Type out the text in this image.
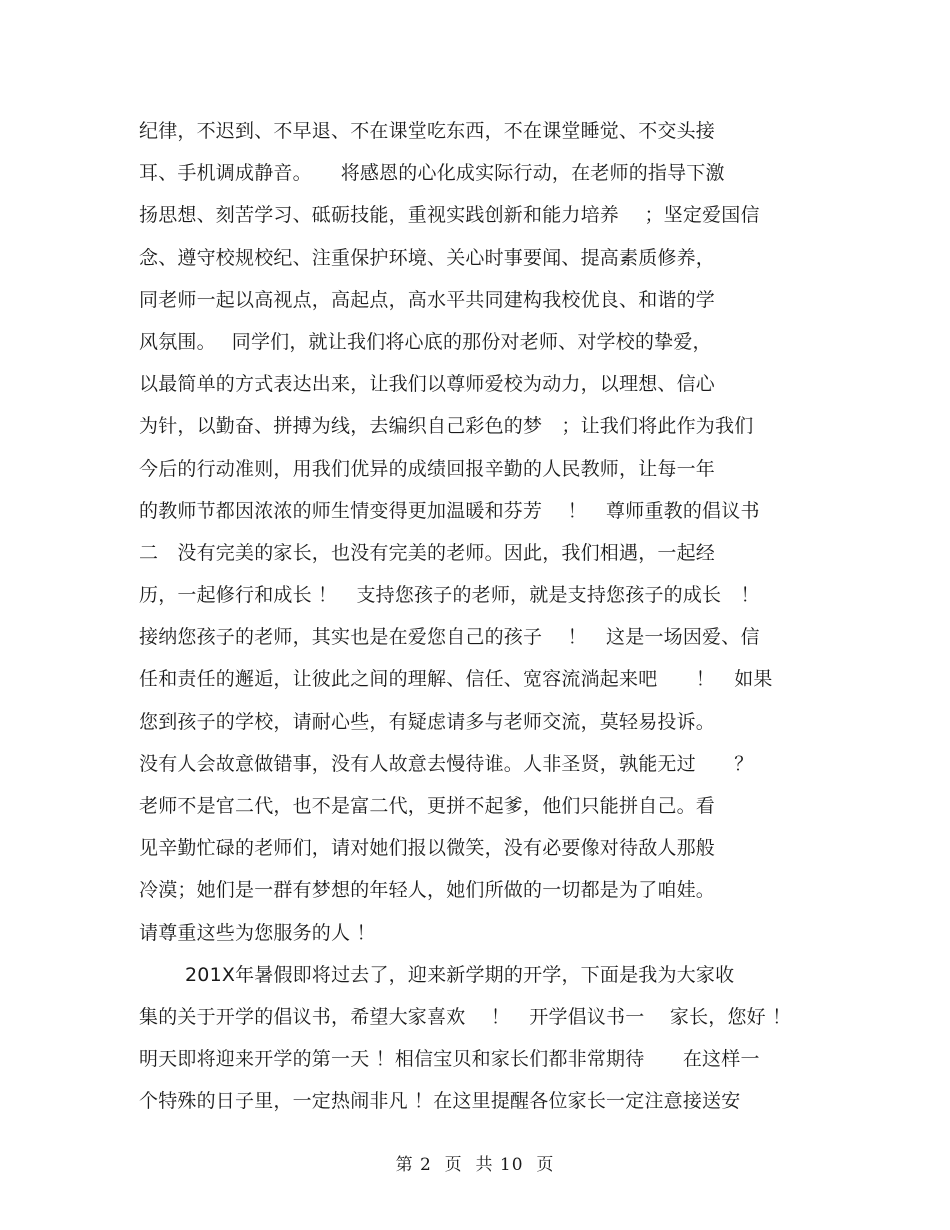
纪律，不迟到、不早退、不在课堂吃东西，不在课堂睡觉、不交头接
耳、手机调成静音。　　将感恩的心化成实际行动，在老师的指导下激
扬思想、刻苦学习、砥砺技能，重视实践创新和能力培养　 ；坚定爱国信
念、遵守校规校纪、注重保护环境、关心时事要闻、提高素质修养，
同老师一起以高视点，高起点，高水平共同建构我校优良、和谐的学
风氛围。　 同学们，就让我们将心底的那份对老师、对学校的挚爱，
以最简单的方式表达出来，让我们以尊师爱校为动力，以理想、信心
为针，以勤奋、拼搏为线，去编织自己彩色的梦　；让我们将此作为我们
今后的行动准则，用我们优异的成绩回报辛勤的人民教师，让每一年
的教师节都因浓浓的师生情变得更加温暖和芬芳　 ！　尊师重教的倡议书
二　没有完美的家长，也没有完美的老师。因此，我们相遇，一起经
历，一起修行和成长 ！　支持您孩子的老师，就是支持您孩子的成长　！
接纳您孩子的老师，其实也是在爱您自己的孩子　 ！　这是一场因爱、信
任和责任的邂逅，让彼此之间的理解、信任、宽容流淌起来吧　　！　如果
您到孩子的学校，请耐心些，有疑虑请多与老师交流，莫轻易投诉。
没有人会故意做错事，没有人故意去慢待谁。人非圣贤，孰能无过　　？
老师不是官二代，也不是富二代，更拼不起爹，他们只能拼自己。看
见辛勤忙碌的老师们，请对她们报以微笑，没有必要像对待敌人那般
冷漠；她们是一群有梦想的年轻人，她们所做的一切都是为了咱娃。
请尊重这些为您服务的人 ！
201X年暑假即将过去了，迎来新学期的开学，下面是我为大家收
集的关于开学的倡议书，希望大家喜欢　 ！　开学倡议书一　 家长，您好 ！
明天即将迎来开学的第一天 ！相信宝贝和家长们都非常期待　　在这样一
个特殊的日子里，一定热闹非凡 ！在这里提醒各位家长一定注意接送安
第 2  页  共 10  页
